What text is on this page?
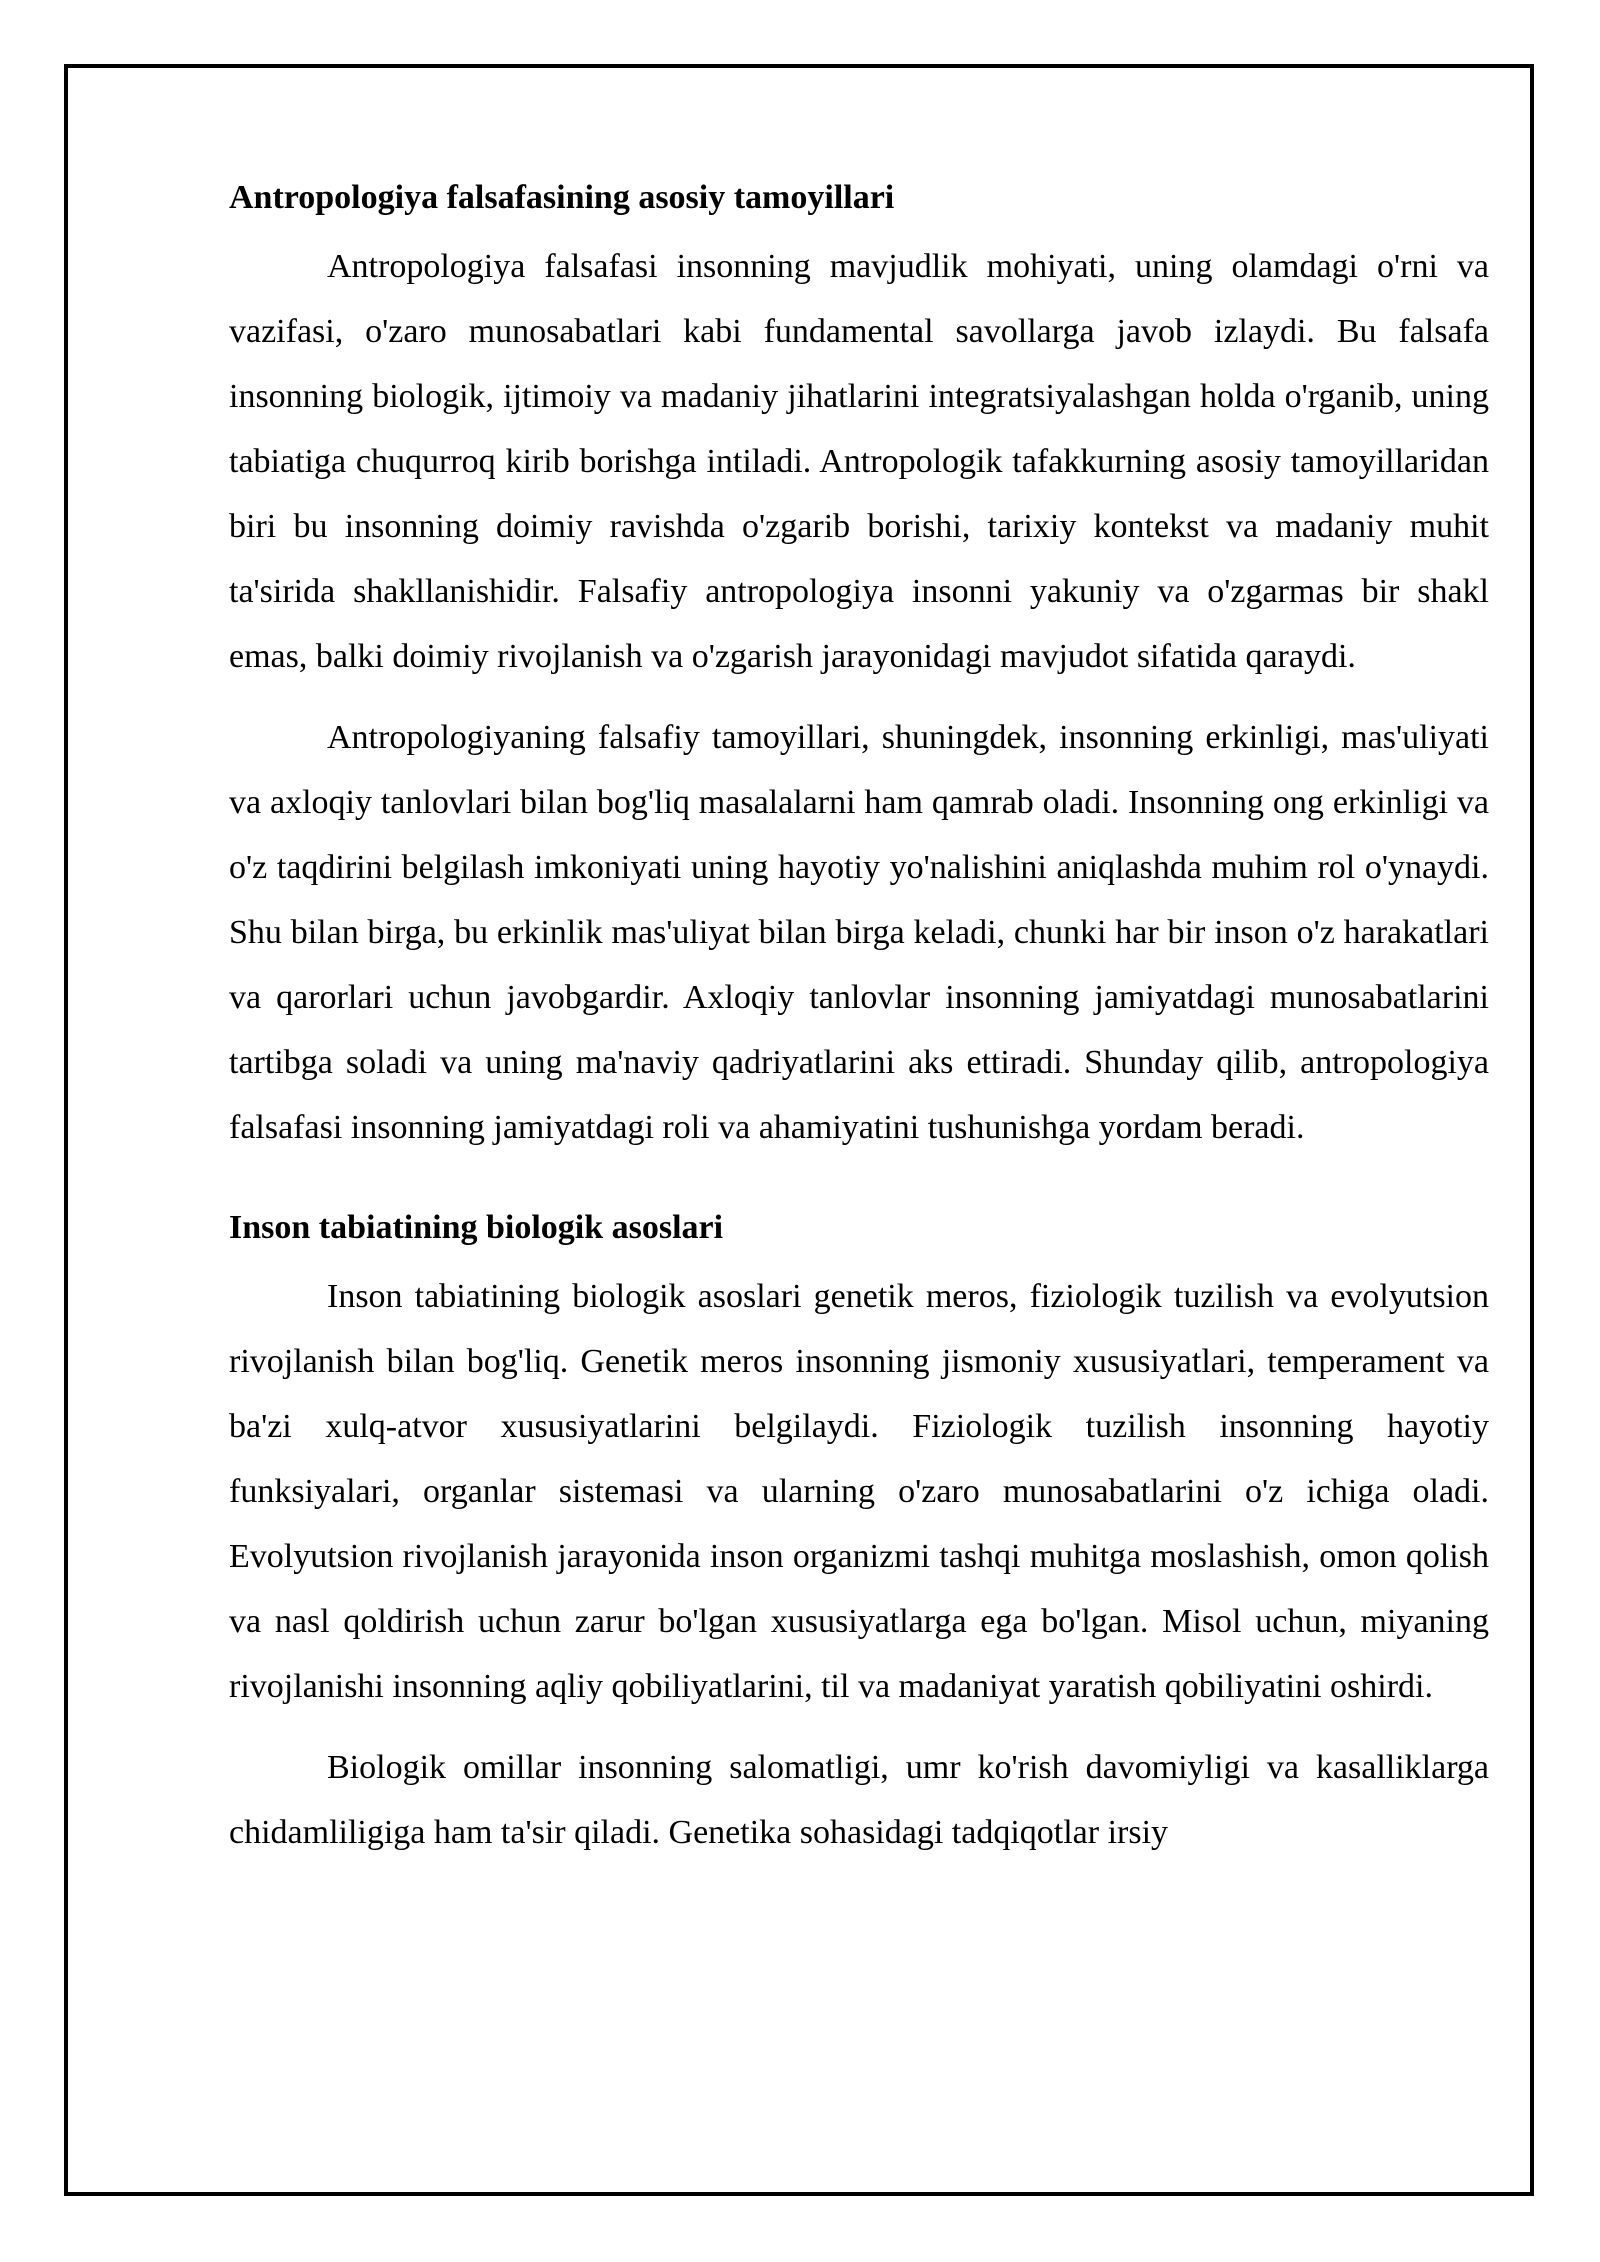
Antropologiya falsafasining asosiy tamoyillari

Antropologiya falsafasi insonning mavjudlik mohiyati, uning olamdagi o'rni va vazifasi, o'zaro munosabatlari kabi fundamental savollarga javob izlaydi. Bu falsafa insonning biologik, ijtimoiy va madaniy jihatlarini integratsiyalashgan holda o'rganib, uning tabiatiga chuqurroq kirib borishga intiladi. Antropologik tafakkurning asosiy tamoyillaridan biri bu insonning doimiy ravishda o'zgarib borishi, tarixiy kontekst va madaniy muhit ta'sirida shakllanishidir. Falsafiy antropologiya insonni yakuniy va o'zgarmas bir shakl emas, balki doimiy rivojlanish va o'zgarish jarayonidagi mavjudot sifatida qaraydi.

Antropologiyaning falsafiy tamoyillari, shuningdek, insonning erkinligi, mas'uliyati va axloqiy tanlovlari bilan bog'liq masalalarni ham qamrab oladi. Insonning ong erkinligi va o'z taqdirini belgilash imkoniyati uning hayotiy yo'nalishini aniqlashda muhim rol o'ynaydi. Shu bilan birga, bu erkinlik mas'uliyat bilan birga keladi, chunki har bir inson o'z harakatlari va qarorlari uchun javobgardir. Axloqiy tanlovlar insonning jamiyatdagi munosabatlarini tartibga soladi va uning ma'naviy qadriyatlarini aks ettiradi. Shunday qilib, antropologiya falsafasi insonning jamiyatdagi roli va ahamiyatini tushunishga yordam beradi.

Inson tabiatining biologik asoslari

Inson tabiatining biologik asoslari genetik meros, fiziologik tuzilish va evolyutsion rivojlanish bilan bog'liq. Genetik meros insonning jismoniy xususiyatlari, temperament va ba'zi xulq-atvor xususiyatlarini belgilaydi. Fiziologik tuzilish insonning hayotiy funksiyalari, organlar sistemasi va ularning o'zaro munosabatlarini o'z ichiga oladi. Evolyutsion rivojlanish jarayonida inson organizmi tashqi muhitga moslashish, omon qolish va nasl qoldirish uchun zarur bo'lgan xususiyatlarga ega bo'lgan. Misol uchun, miyaning rivojlanishi insonning aqliy qobiliyatlarini, til va madaniyat yaratish qobiliyatini oshirdi.

Biologik omillar insonning salomatligi, umr ko'rish davomiyligi va kasalliklarga chidamliligiga ham ta'sir qiladi. Genetika sohasidagi tadqiqotlar irsiy
